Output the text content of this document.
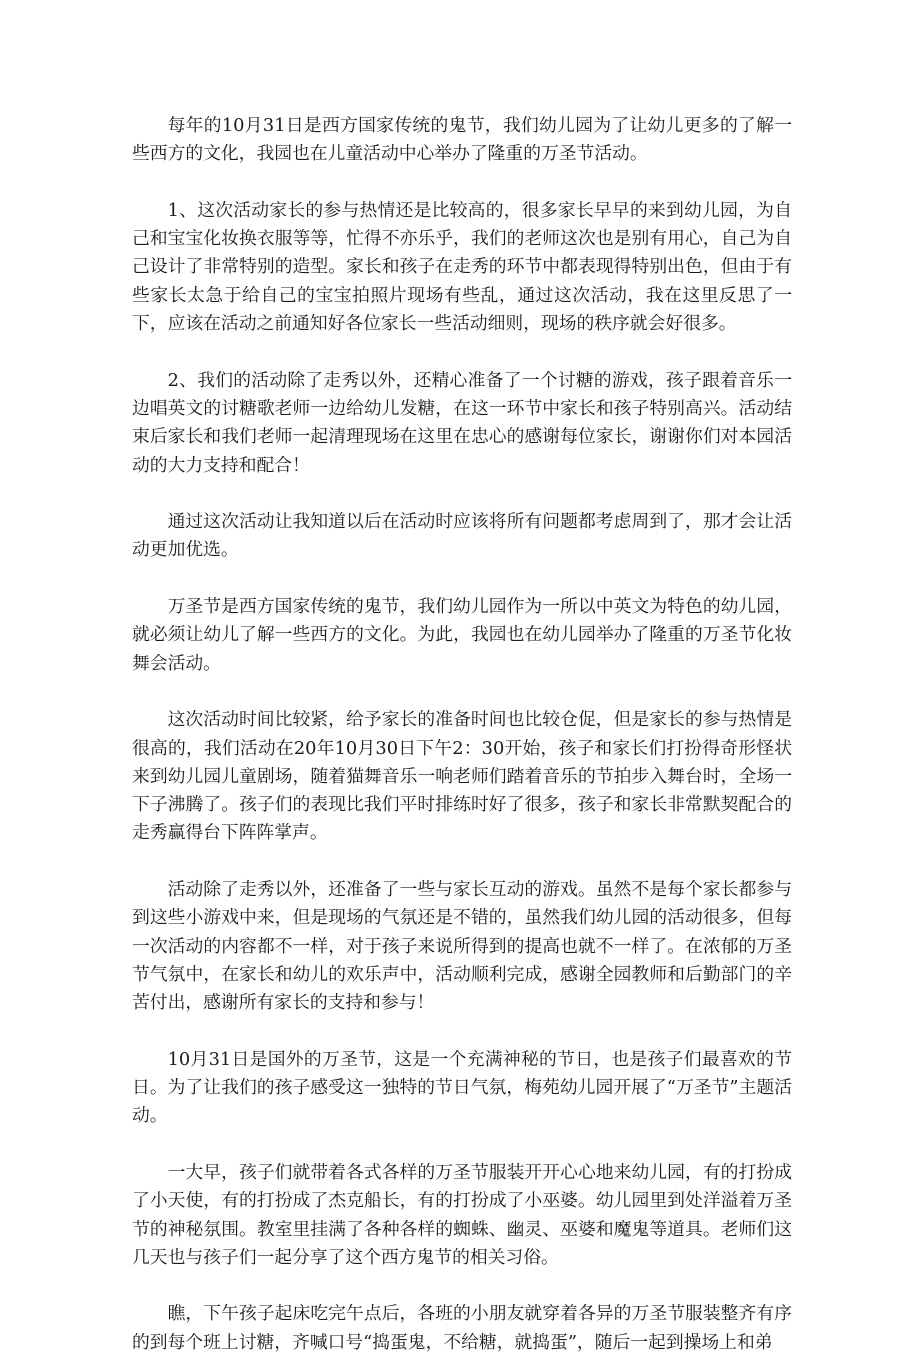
每年的10月31日是西方国家传统的鬼节，我们幼儿园为了让幼儿更多的了解一些西方的文化，我园也在儿童活动中心举办了隆重的万圣节活动。

1、这次活动家长的参与热情还是比较高的，很多家长早早的来到幼儿园，为自己和宝宝化妆换衣服等等，忙得不亦乐乎，我们的老师这次也是别有用心，自己为自己设计了非常特别的造型。家长和孩子在走秀的环节中都表现得特别出色，但由于有些家长太急于给自己的宝宝拍照片现场有些乱，通过这次活动，我在这里反思了一下，应该在活动之前通知好各位家长一些活动细则，现场的秩序就会好很多。

2、我们的活动除了走秀以外，还精心准备了一个讨糖的游戏，孩子跟着音乐一边唱英文的讨糖歌老师一边给幼儿发糖，在这一环节中家长和孩子特别高兴。活动结束后家长和我们老师一起清理现场在这里在忠心的感谢每位家长，谢谢你们对本园活动的大力支持和配合！

通过这次活动让我知道以后在活动时应该将所有问题都考虑周到了，那才会让活动更加优选。

万圣节是西方国家传统的鬼节，我们幼儿园作为一所以中英文为特色的幼儿园，就必须让幼儿了解一些西方的文化。为此，我园也在幼儿园举办了隆重的万圣节化妆舞会活动。

这次活动时间比较紧，给予家长的准备时间也比较仓促，但是家长的参与热情是很高的，我们活动在20年10月30日下午2：30开始，孩子和家长们打扮得奇形怪状来到幼儿园儿童剧场，随着猫舞音乐一响老师们踏着音乐的节拍步入舞台时，全场一下子沸腾了。孩子们的表现比我们平时排练时好了很多，孩子和家长非常默契配合的走秀赢得台下阵阵掌声。

活动除了走秀以外，还准备了一些与家长互动的游戏。虽然不是每个家长都参与到这些小游戏中来，但是现场的气氛还是不错的，虽然我们幼儿园的活动很多，但每一次活动的内容都不一样，对于孩子来说所得到的提高也就不一样了。在浓郁的万圣节气氛中，在家长和幼儿的欢乐声中，活动顺利完成，感谢全园教师和后勤部门的辛苦付出，感谢所有家长的支持和参与！

10月31日是国外的万圣节，这是一个充满神秘的节日，也是孩子们最喜欢的节日。为了让我们的孩子感受这一独特的节日气氛，梅苑幼儿园开展了“万圣节”主题活动。

一大早，孩子们就带着各式各样的万圣节服装开开心心地来幼儿园，有的打扮成了小天使，有的打扮成了杰克船长，有的打扮成了小巫婆。幼儿园里到处洋溢着万圣节的神秘氛围。教室里挂满了各种各样的蜘蛛、幽灵、巫婆和魔鬼等道具。老师们这几天也与孩子们一起分享了这个西方鬼节的相关习俗。

瞧，下午孩子起床吃完午点后，各班的小朋友就穿着各异的万圣节服装整齐有序的到每个班上讨糖，齐喊口号“捣蛋鬼，不给糖，就捣蛋”，随后一起到操场上和弟
